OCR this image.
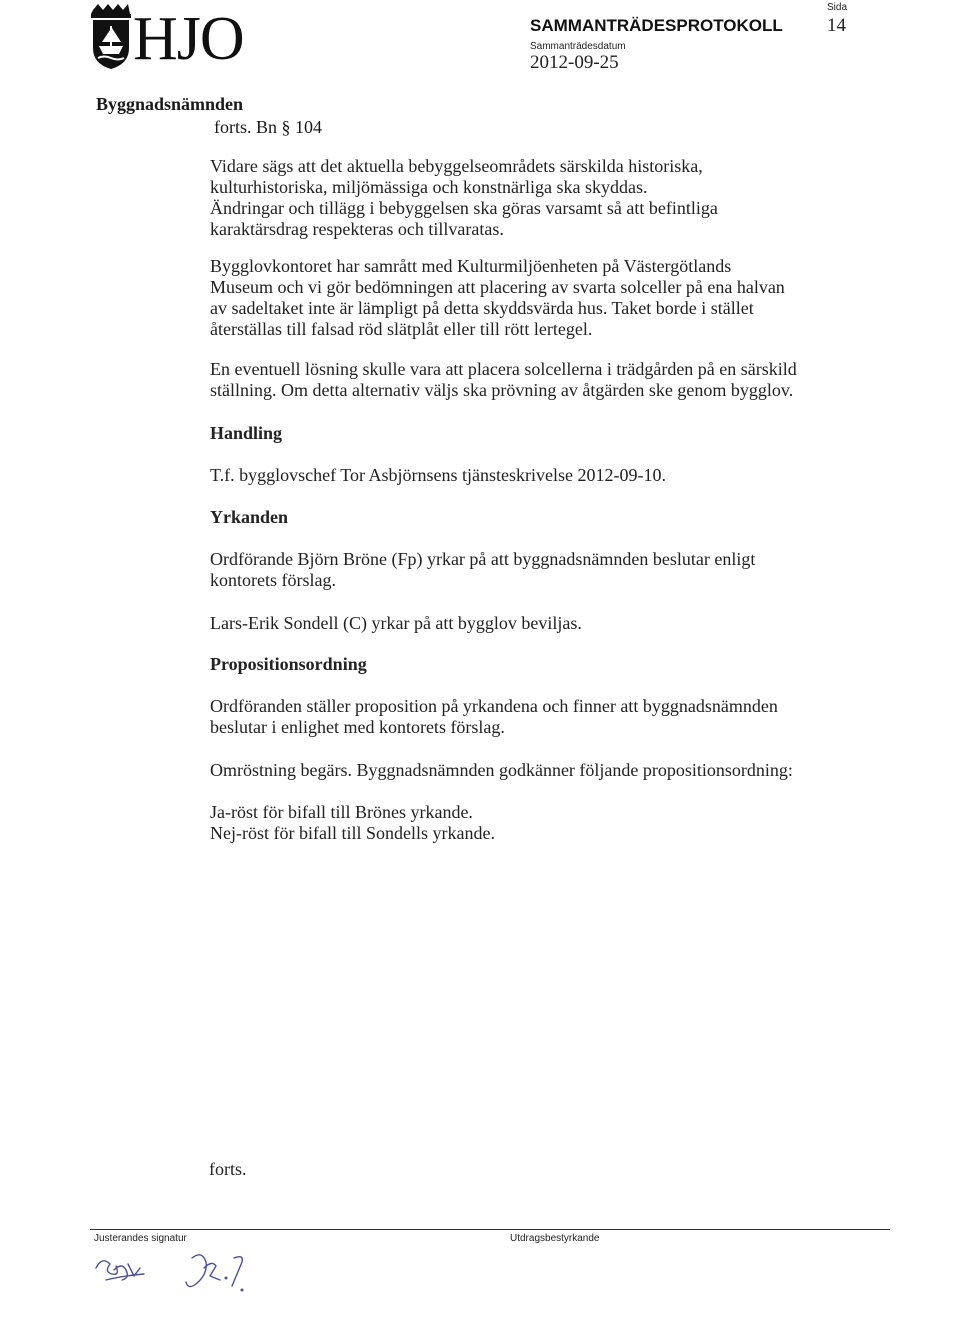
HJO	SAMMANTRÄDESPROTOKOLL
Sammanträdesdatum
2012-09-25
Sida
14
Byggnadsnämnden
forts. Bn § 104

Vidare sägs att det aktuella bebyggelseområdets särskilda historiska,
kulturhistoriska, miljömässiga och konstnärliga ska skyddas.
Ändringar och tillägg i bebyggelsen ska göras varsamt så att befintliga
karaktärsdrag respekteras och tillvaratas.

Bygglovkontoret har samrått med Kulturmiljöenheten på Västergötlands
Museum och vi gör bedömningen att placering av svarta solceller på ena halvan
av sadeltaket inte är lämpligt på detta skyddsvärda hus. Taket borde i stället
återställas till falsad röd slätplåt eller till rött lertegel.

En eventuell lösning skulle vara att placera solcellerna i trädgården på en särskild
ställning. Om detta alternativ väljs ska prövning av åtgärden ske genom bygglov.

Handling

T.f. bygglovschef Tor Asbjörnsens tjänsteskrivelse 2012-09-10.

Yrkanden

Ordförande Björn Bröne (Fp) yrkar på att byggnadsnämnden beslutar enligt
kontorets förslag.

Lars-Erik Sondell (C) yrkar på att bygglov beviljas.

Propositionsordning

Ordföranden ställer proposition på yrkandena och finner att byggnadsnämnden
beslutar i enlighet med kontorets förslag.

Omröstning begärs. Byggnadsnämnden godkänner följande propositionsordning:

Ja-röst för bifall till Brönes yrkande.
Nej-röst för bifall till Sondells yrkande.

forts.
Justerandes signatur	Utdragsbestyrkande
